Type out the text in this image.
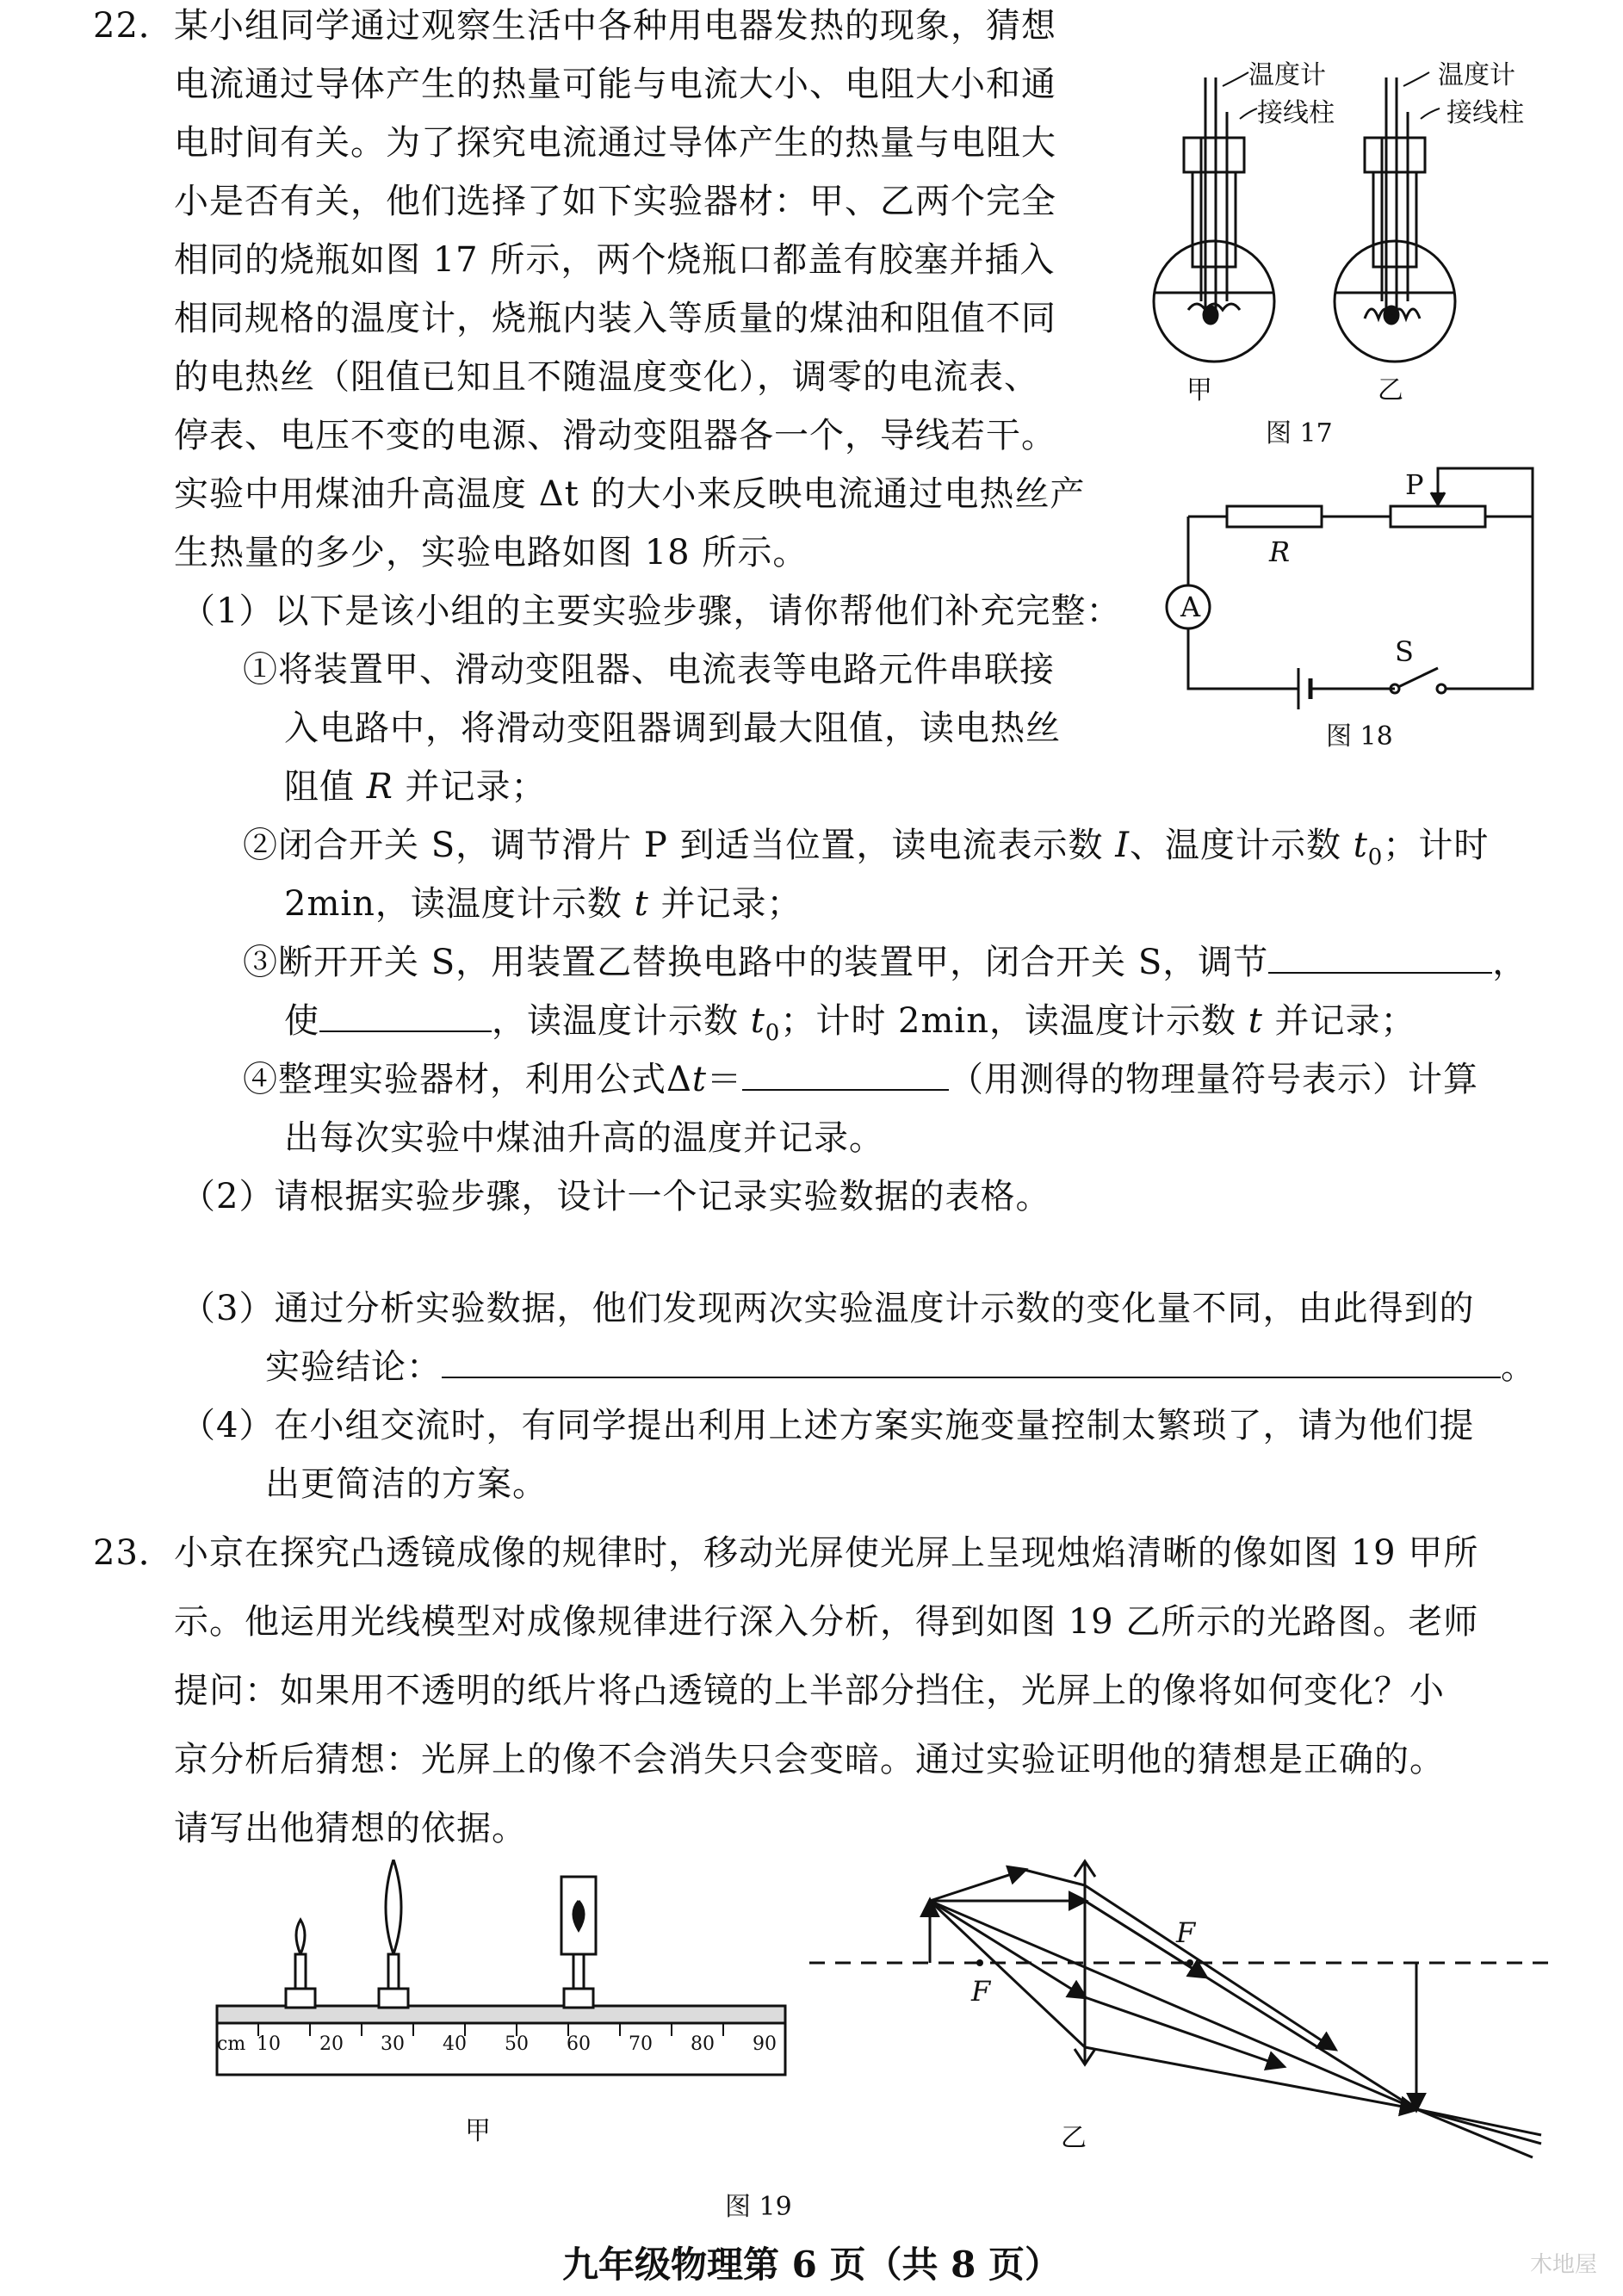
22． 某小组同学通过观察生活中各种用电器发热的现象，猜想
电流通过导体产生的热量可能与电流大小、电阻大小和通
电时间有关。为了探究电流通过导体产生的热量与电阻大
小是否有关，他们选择了如下实验器材：甲、乙两个完全
相同的烧瓶如图 17 所示，两个烧瓶口都盖有胶塞并插入
相同规格的温度计，烧瓶内装入等质量的煤油和阻值不同
的电热丝（阻值已知且不随温度变化），调零的电流表、
停表、电压不变的电源、滑动变阻器各一个，导线若干。
实验中用煤油升高温度 Δt 的大小来反映电流通过电热丝产
生热量的多少，实验电路如图 18 所示。
（1）以下是该小组的主要实验步骤，请你帮他们补充完整：
①将装置甲、滑动变阻器、电流表等电路元件串联接
入电路中，将滑动变阻器调到最大阻值，读电热丝
阻值 R 并记录；
②闭合开关 S，调节滑片 P 到适当位置，读电流表示数 I、温度计示数 $t_0$；计时
2min，读温度计示数 t 并记录；
③断开开关 S，用装置乙替换电路中的装置甲，闭合开关 S，调节	，
使	，读温度计示数 $t_0$；计时 2min，读温度计示数 t 并记录；
④整理实验器材，利用公式Δt＝	（用测得的物理量符号表示）计算
出每次实验中煤油升高的温度并记录。
（2）请根据实验步骤，设计一个记录实验数据的表格。
（3）通过分析实验数据，他们发现两次实验温度计示数的变化量不同，由此得到的
实验结论：	。
（4）在小组交流时，有同学提出利用上述方案实施变量控制太繁琐了，请为他们提
出更简洁的方案。
23． 小京在探究凸透镜成像的规律时，移动光屏使光屏上呈现烛焰清晰的像如图 19 甲所
示。他运用光线模型对成像规律进行深入分析，得到如图 19 乙所示的光路图。老师
提问：如果用不透明的纸片将凸透镜的上半部分挡住，光屏上的像将如何变化？小
京分析后猜想：光屏上的像不会消失只会变暗。通过实验证明他的猜想是正确的。
请写出他猜想的依据。
温度计
接线柱
温度计
接线柱
甲	乙
图 17
P
R
A
S
图 18
cm 10 20 30 40 50 60 70 80 90
甲
F
F
乙
图 19
九年级物理第 6 页（共 8 页）	木地屋
